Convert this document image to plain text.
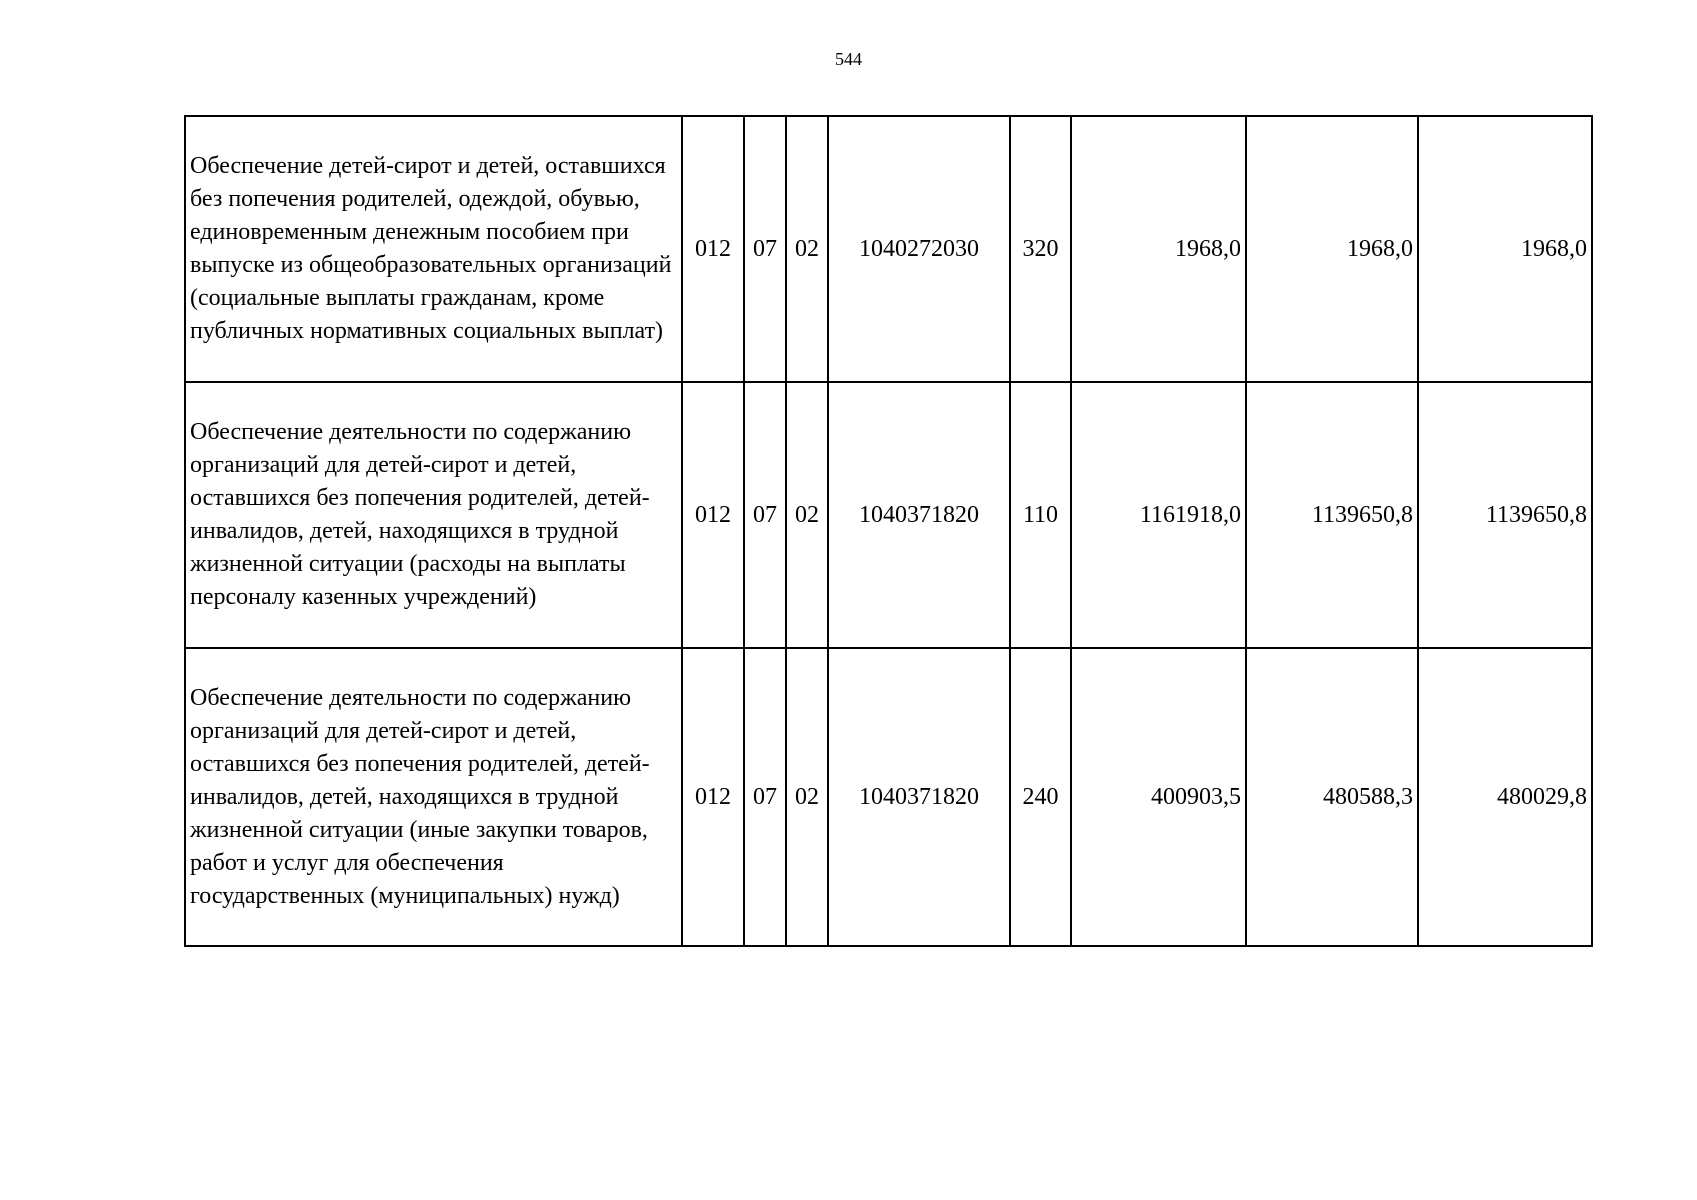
544
Обеспечение детей-сирот и детей, оставшихся без попечения родителей, одеждой, обувью, единовременным денежным пособием при выпуске из общеобразовательных организаций (социальные выплаты гражданам, кроме публичных нормативных социальных выплат)	012	07	02	1040272030	320	1968,0	1968,0	1968,0
Обеспечение деятельности по содержанию организаций для детей-сирот и детей, оставшихся без попечения родителей, детей-инвалидов, детей, находящихся в трудной жизненной ситуации (расходы на выплаты персоналу казенных учреждений)	012	07	02	1040371820	110	1161918,0	1139650,8	1139650,8
Обеспечение деятельности по содержанию организаций для детей-сирот и детей, оставшихся без попечения родителей, детей-инвалидов, детей, находящихся в трудной жизненной ситуации (иные закупки товаров, работ и услуг для обеспечения государственных (муниципальных) нужд)	012	07	02	1040371820	240	400903,5	480588,3	480029,8
